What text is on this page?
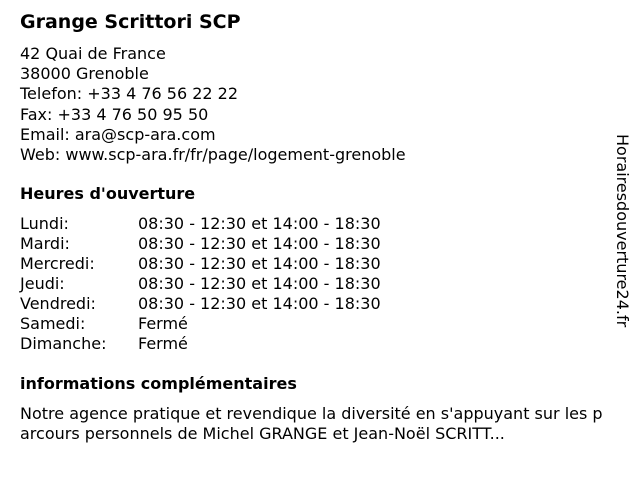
Grange Scrittori SCP
42 Quai de France
38000 Grenoble
Telefon: +33 4 76 56 22 22
Fax: +33 4 76 50 95 50
Email: ara@scp-ara.com
Web: www.scp-ara.fr/fr/page/logement-grenoble
Heures d'ouverture
Lundi:	08:30 - 12:30 et 14:00 - 18:30
Mardi:	08:30 - 12:30 et 14:00 - 18:30
Mercredi:	08:30 - 12:30 et 14:00 - 18:30
Jeudi:	08:30 - 12:30 et 14:00 - 18:30
Vendredi:	08:30 - 12:30 et 14:00 - 18:30
Samedi:	Fermé
Dimanche: Fermé
informations complémentaires
Notre agence pratique et revendique la diversité en s'appuyant sur les parcours personnels de Michel GRANGE et Jean-Noël SCRITT...
Horairesdouverture24.fr
